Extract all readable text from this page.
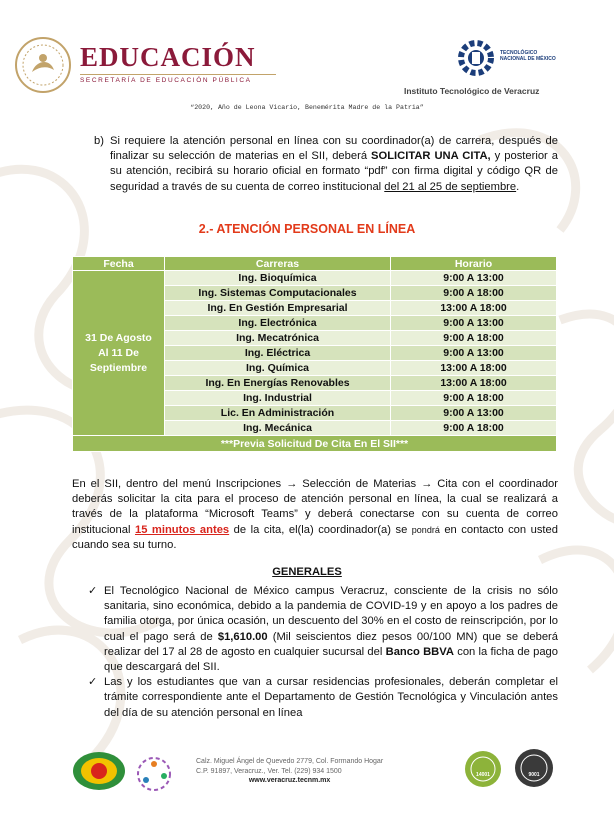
EDUCACIÓN
SECRETARÍA DE EDUCACIÓN PÚBLICA
TECNOLÓGICO
NACIONAL DE MÉXICO
Instituto Tecnológico de Veracruz
“2020, Año de Leona Vicario, Benemérita Madre de la Patria”
b) Si requiere la atención personal en línea con su coordinador(a) de carrera, después de finalizar su selección de materias en el SII, deberá SOLICITAR UNA CITA, y posterior a su atención, recibirá su horario oficial en formato “pdf” con firma digital y código QR de seguridad a través de su cuenta de correo institucional del 21 al 25 de septiembre.
2.- ATENCIÓN PERSONAL EN LÍNEA
Fecha	Carreras	Horario

31 De Agosto
Al 11 De
Septiembre	Ing. Bioquímica	9:00 A 13:00
	Ing. Sistemas Computacionales	9:00 A 18:00
	Ing. En Gestión Empresarial	13:00 A 18:00
	Ing. Electrónica	9:00 A 13:00
	Ing. Mecatrónica	9:00 A 18:00
	Ing. Eléctrica	9:00 A 13:00
	Ing. Química	13:00 A 18:00
	Ing. En Energías Renovables	13:00 A 18:00
	Ing. Industrial	9:00 A 18:00
	Lic. En Administración	9:00 A 13:00
	Ing. Mecánica	9:00 A 18:00
***Previa Solicitud De Cita En El SII***		
En el SII, dentro del menú Inscripciones → Selección de Materias → Cita con el coordinador deberás solicitar la cita para el proceso de atención personal en línea, la cual se realizará a través de la plataforma “Microsoft Teams” y deberá conectarse con su cuenta de correo institucional 15 minutos antes de la cita, el(la) coordinador(a) se pondrá en contacto con usted cuando sea su turno.
GENERALES
✓ El Tecnológico Nacional de México campus Veracruz, consciente de la crisis no sólo sanitaria, sino económica, debido a la pandemia de COVID-19 y en apoyo a los padres de familia otorga, por única ocasión, un descuento del 30% en el costo de reinscripción, por lo cual el pago será de $1,610.00 (Mil seiscientos diez pesos 00/100 MN) que se deberá realizar del 17 al 28 de agosto en cualquier sucursal del Banco BBVA con la ficha de pago que descargará del SII.
✓ Las y los estudiantes que van a cursar residencias profesionales, deberán completar el trámite correspondiente ante el Departamento de Gestión Tecnológica y Vinculación antes del día de su atención personal en línea
Calz. Miguel Ángel de Quevedo 2779, Col. Formando Hogar
C.P. 91897, Veracruz., Ver. Tel. (229) 934 1500
www.veracruz.tecnm.mx
14001	9001
